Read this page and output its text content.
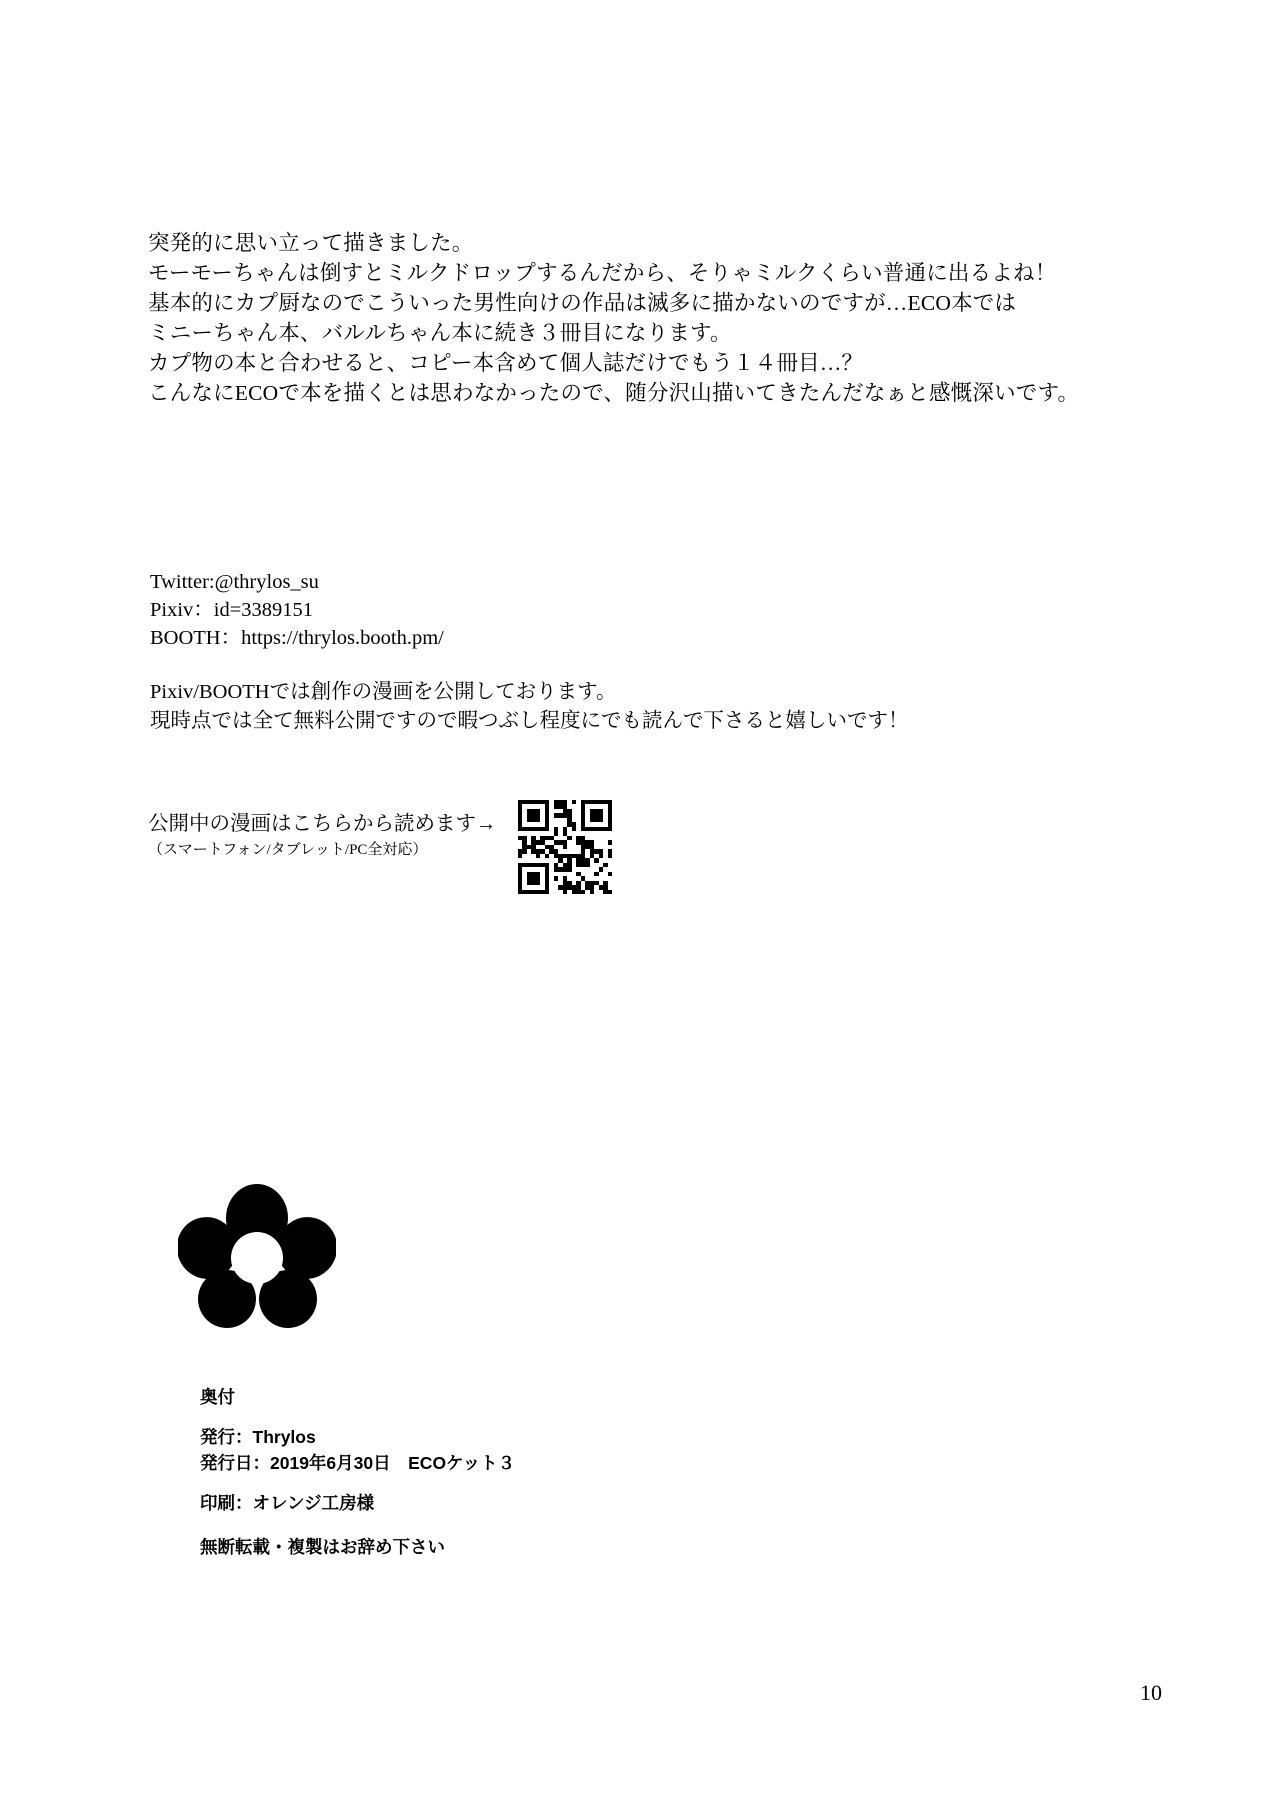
突発的に思い立って描きました。

モーモーちゃんは倒すとミルクドロップするんだから、そりゃミルクくらい普通に出るよね！

基本的にカプ厨なのでこういった男性向けの作品は滅多に描かないのですが…ECO本では

ミニーちゃん本、バルルちゃん本に続き３冊目になります。

カプ物の本と合わせると、コピー本含めて個人誌だけでもう１４冊目…？

こんなにECOで本を描くとは思わなかったので、随分沢山描いてきたんだなぁと感慨深いです。

Twitter:@thrylos_su

Pixiv：id=3389151

BOOTH：https://thrylos.booth.pm/

Pixiv/BOOTHでは創作の漫画を公開しております。

現時点では全て無料公開ですので暇つぶし程度にでも読んで下さると嬉しいです！

公開中の漫画はこちらから読めます→
（スマートフォン/タブレット/PC全対応）
奥付
発行：Thrylos
発行日：2019年6月30日　ECOケット３
印刷：オレンジ工房様
無断転載・複製はお辞め下さい
10
